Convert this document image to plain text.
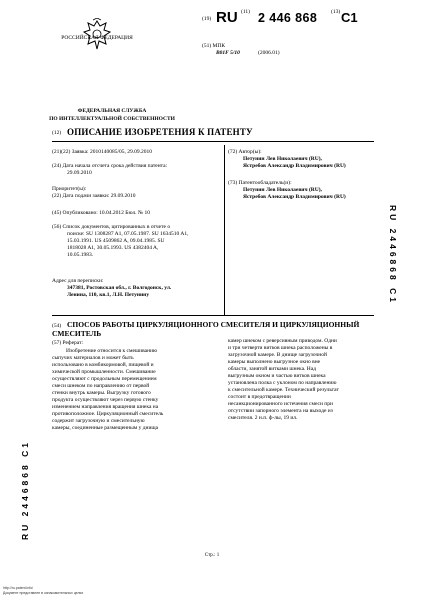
РОССИЙСКАЯ ФЕДЕРАЦИЯ
(19) RU (11) 2 446 868	(13) C1
(51) МПК
B01F 5/10	(2006.01)
ФЕДЕРАЛЬНАЯ СЛУЖБА
ПО ИНТЕЛЛЕКТУАЛЬНОЙ СОБСТВЕННОСТИ
(12) ОПИСАНИЕ ИЗОБРЕТЕНИЯ К ПАТЕНТУ
(21)(22) Заявка: 2010140085/05, 29.09.2010
(24) Дата начала отсчета срока действия патента:
29.09.2010
Приоритет(ы):
(22) Дата подачи заявки: 29.09.2010
(45) Опубликовано: 10.04.2012 Бюл. № 10
(56) Список документов, цитированных в отчете о
поиске: SU 1308287 A1, 07.05.1987. SU 1634510 A1,
15.03.1991. US 4509862 A, 09.04.1985. SU
1818028 A1, 30.05.1993. US 4382404 A,
10.05.1983.
Адрес для переписки:
347381, Ростовская обл., г. Волгодонск, ул.
Ленина, 110, кв.1, Л.Н. Петунину
(72) Автор(ы):
Петунин Лев Николаевич (RU),
Ястребов Александр Владимирович (RU)
(73) Патентообладатель(и):
Петунин Лев Николаевич (RU),
Ястребов Александр Владимирович (RU)
(54) СПОСОБ РАБОТЫ ЦИРКУЛЯЦИОННОГО СМЕСИТЕЛЯ И ЦИРКУЛЯЦИОННЫЙ
СМЕСИТЕЛЬ
(57) Реферат:
Изобретение относится к смешиванию
сыпучих материалов и может быть
использовано в комбикормовой, пищевой и
химической промышленности. Смешивание
осуществляют с продольным перемещением
смеси шнеком по направлению от первой
стенки внутрь камеры. Выгрузку готового
продукта осуществляют через первую стенку
изменением направления вращения шнека на
противоположное. Циркуляционный смеситель
содержит загрузочную и смесительную
камеры, соединенные размещенным у днища
камер шнеком с реверсивным приводом. Одни
и три четверти витков шнека расположены в
загрузочной камере. В днище загрузочной
камеры выполнено выгрузное окно вне
области, занятой витками шнека. Над
выгрузным окном и частью витков шнека
установлена полка с уклоном по направлению
к смесительной камере. Технический результат
состоит в предотвращении
несанкционированного истечения смеси при
отсутствии запорного элемента на выходе из
смесителя. 2 н.п. ф-лы, 19 ил.
RU 2446868 C1
RU 2446868 C1
Стр.: 1
http://ru.patent.info/
Документ представлен в ознакомительных целях
